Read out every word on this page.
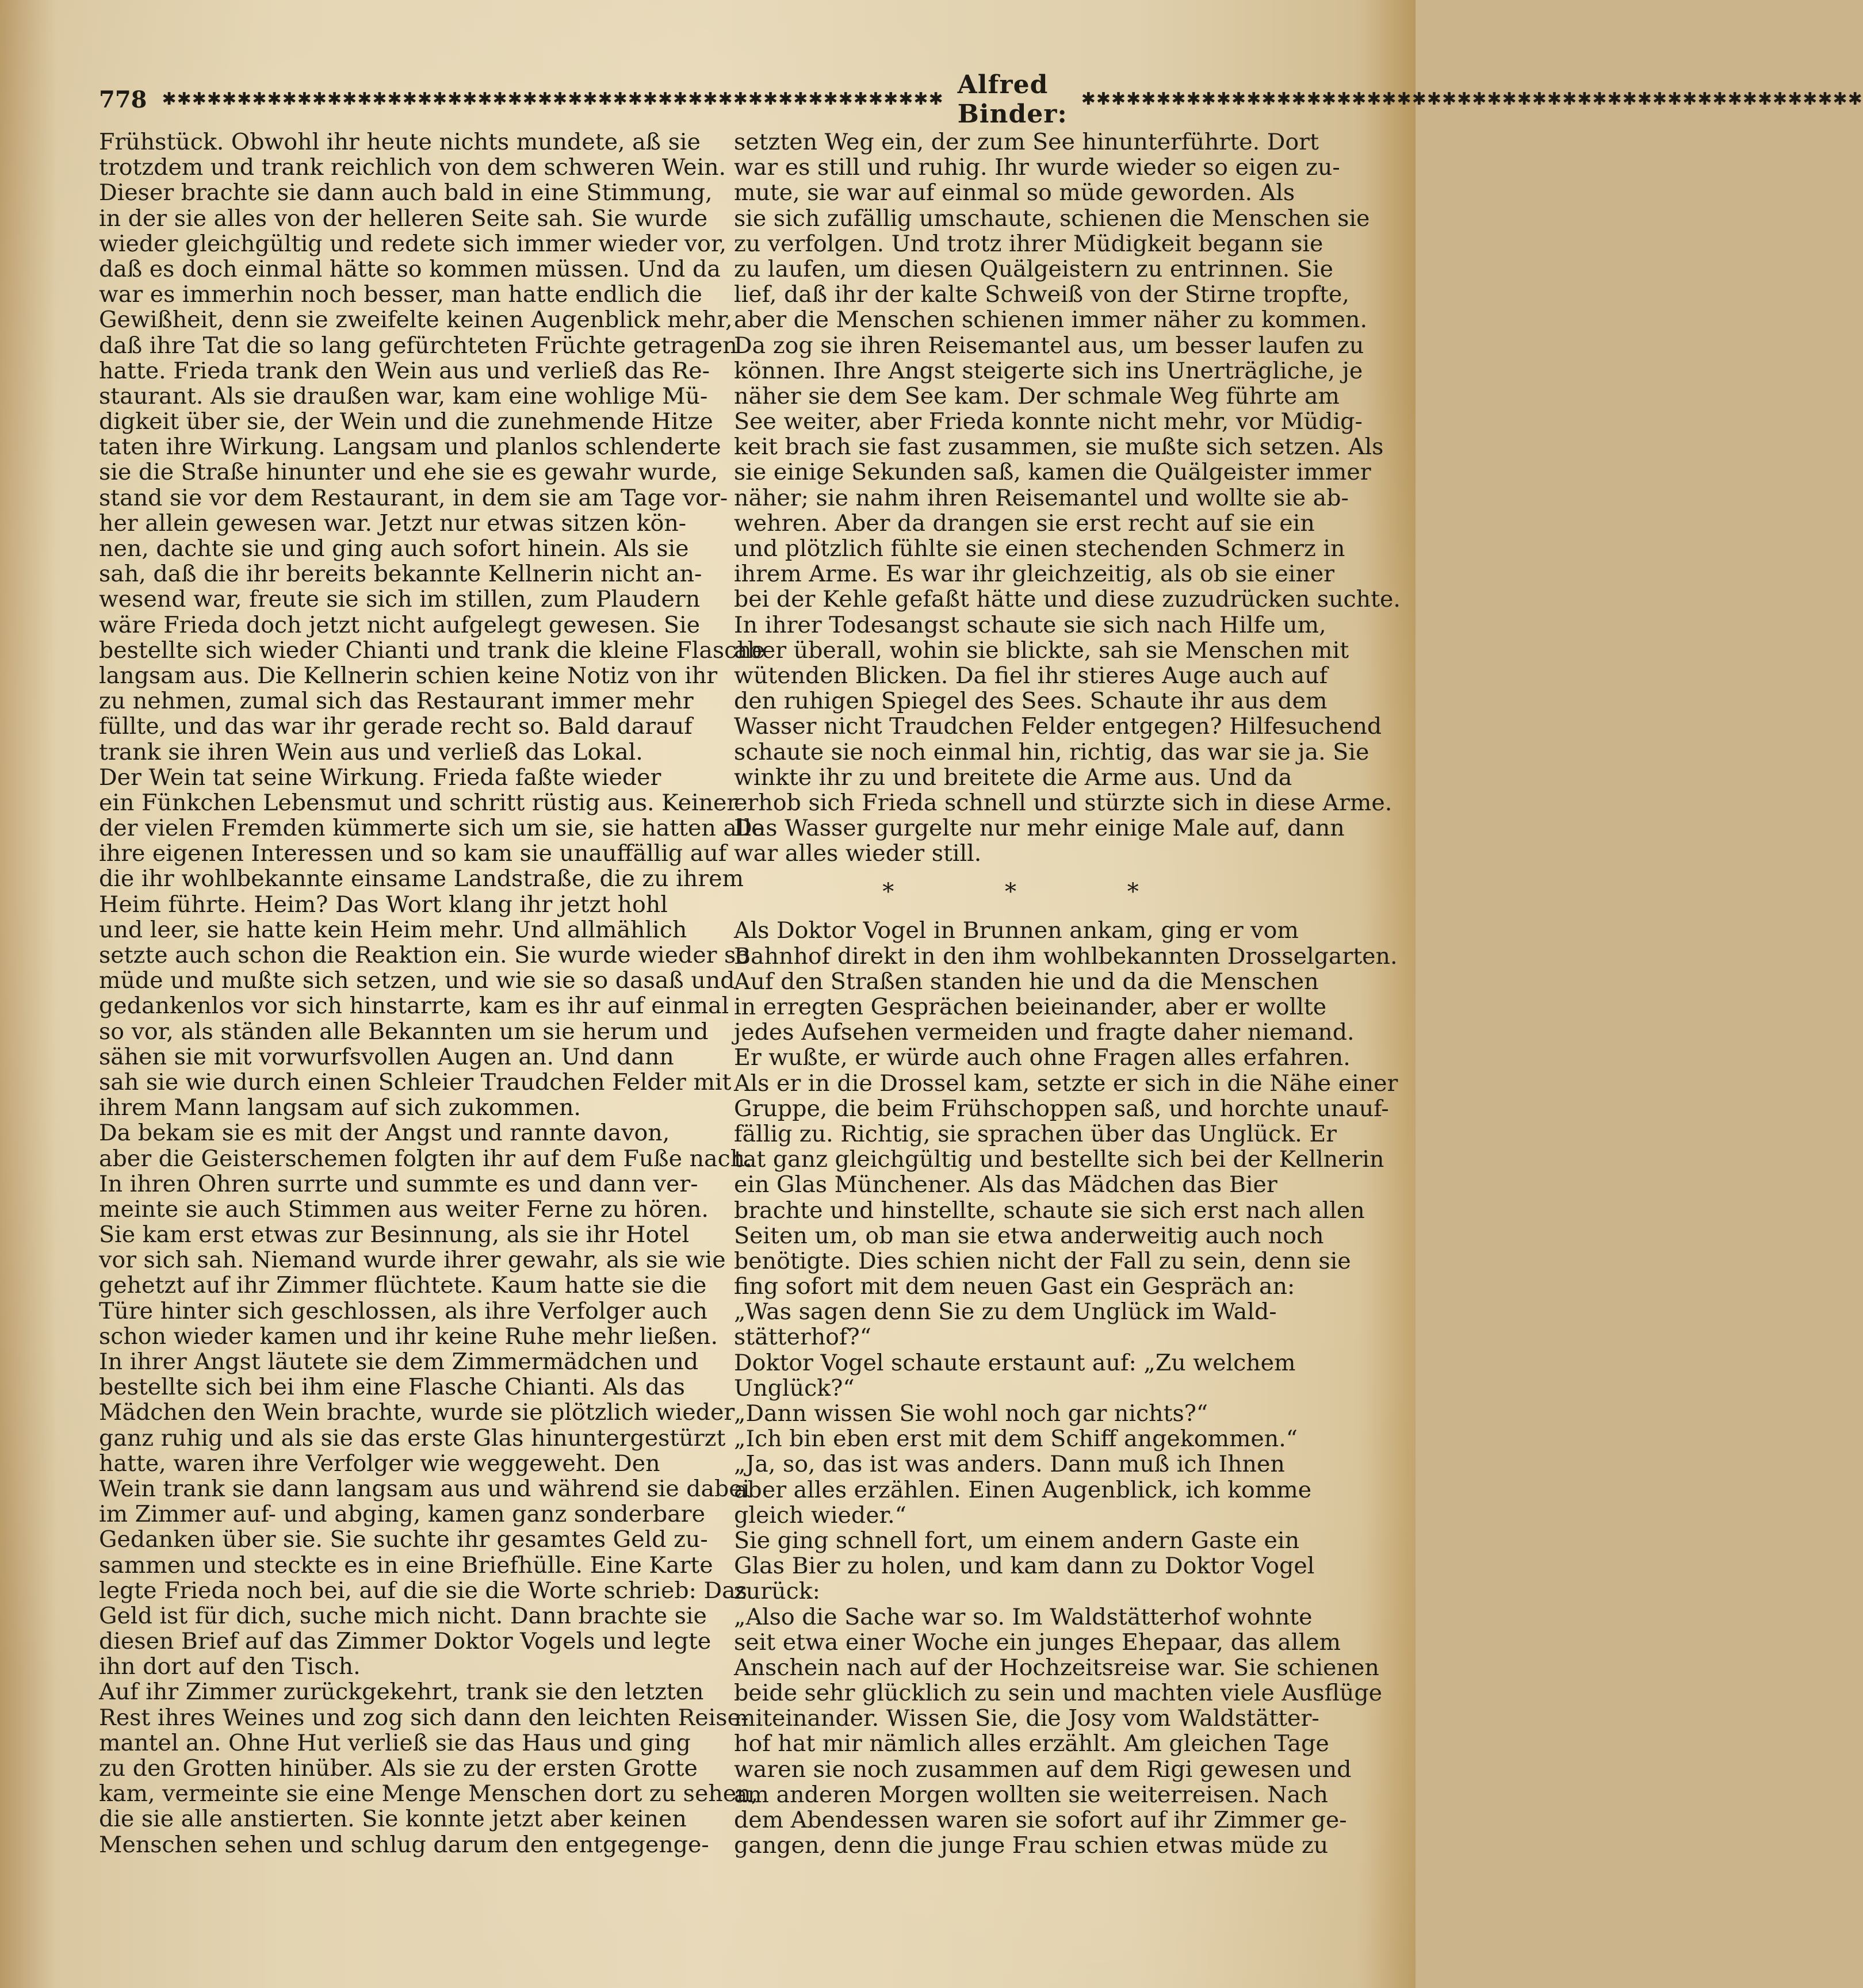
778 ✱✱✱✱✱✱✱✱✱✱✱✱✱✱✱✱✱✱✱✱✱✱✱✱✱✱✱✱✱✱✱✱✱✱✱✱✱✱✱✱✱✱✱✱✱✱✱✱✱✱✱✱ Alfred Binder:
✱✱✱✱✱✱✱✱✱✱✱✱✱✱✱✱✱✱✱✱✱✱✱✱✱✱✱✱✱✱✱✱✱✱✱✱✱✱✱✱✱✱✱✱✱✱✱✱✱✱✱✱
Frühstück. Obwohl ihr heute nichts mundete, aß sie
trotzdem und trank reichlich von dem schweren Wein.
Dieser brachte sie dann auch bald in eine Stimmung,
in der sie alles von der helleren Seite sah. Sie wurde
wieder gleichgültig und redete sich immer wieder vor,
daß es doch einmal hätte so kommen müssen. Und da
war es immerhin noch besser, man hatte endlich die
Gewißheit, denn sie zweifelte keinen Augenblick mehr,
daß ihre Tat die so lang gefürchteten Früchte getragen
hatte. Frieda trank den Wein aus und verließ das Re-
staurant. Als sie draußen war, kam eine wohlige Mü-
digkeit über sie, der Wein und die zunehmende Hitze
taten ihre Wirkung. Langsam und planlos schlenderte
sie die Straße hinunter und ehe sie es gewahr wurde,
stand sie vor dem Restaurant, in dem sie am Tage vor-
her allein gewesen war. Jetzt nur etwas sitzen kön-
nen, dachte sie und ging auch sofort hinein. Als sie
sah, daß die ihr bereits bekannte Kellnerin nicht an-
wesend war, freute sie sich im stillen, zum Plaudern
wäre Frieda doch jetzt nicht aufgelegt gewesen. Sie
bestellte sich wieder Chianti und trank die kleine Flasche
langsam aus. Die Kellnerin schien keine Notiz von ihr
zu nehmen, zumal sich das Restaurant immer mehr
füllte, und das war ihr gerade recht so. Bald darauf
trank sie ihren Wein aus und verließ das Lokal.
Der Wein tat seine Wirkung. Frieda faßte wieder
ein Fünkchen Lebensmut und schritt rüstig aus. Keiner
der vielen Fremden kümmerte sich um sie, sie hatten alle
ihre eigenen Interessen und so kam sie unauffällig auf
die ihr wohlbekannte einsame Landstraße, die zu ihrem
Heim führte. Heim? Das Wort klang ihr jetzt hohl
und leer, sie hatte kein Heim mehr. Und allmählich
setzte auch schon die Reaktion ein. Sie wurde wieder so
müde und mußte sich setzen, und wie sie so dasaß und
gedankenlos vor sich hinstarrte, kam es ihr auf einmal
so vor, als ständen alle Bekannten um sie herum und
sähen sie mit vorwurfsvollen Augen an. Und dann
sah sie wie durch einen Schleier Traudchen Felder mit
ihrem Mann langsam auf sich zukommen.
Da bekam sie es mit der Angst und rannte davon,
aber die Geisterschemen folgten ihr auf dem Fuße nach.
In ihren Ohren surrte und summte es und dann ver-
meinte sie auch Stimmen aus weiter Ferne zu hören.
Sie kam erst etwas zur Besinnung, als sie ihr Hotel
vor sich sah. Niemand wurde ihrer gewahr, als sie wie
gehetzt auf ihr Zimmer flüchtete. Kaum hatte sie die
Türe hinter sich geschlossen, als ihre Verfolger auch
schon wieder kamen und ihr keine Ruhe mehr ließen.
In ihrer Angst läutete sie dem Zimmermädchen und
bestellte sich bei ihm eine Flasche Chianti. Als das
Mädchen den Wein brachte, wurde sie plötzlich wieder
ganz ruhig und als sie das erste Glas hinuntergestürzt
hatte, waren ihre Verfolger wie weggeweht. Den
Wein trank sie dann langsam aus und während sie dabei
im Zimmer auf- und abging, kamen ganz sonderbare
Gedanken über sie. Sie suchte ihr gesamtes Geld zu-
sammen und steckte es in eine Briefhülle. Eine Karte
legte Frieda noch bei, auf die sie die Worte schrieb: Das
Geld ist für dich, suche mich nicht. Dann brachte sie
diesen Brief auf das Zimmer Doktor Vogels und legte
ihn dort auf den Tisch.
Auf ihr Zimmer zurückgekehrt, trank sie den letzten
Rest ihres Weines und zog sich dann den leichten Reise-
mantel an. Ohne Hut verließ sie das Haus und ging
zu den Grotten hinüber. Als sie zu der ersten Grotte
kam, vermeinte sie eine Menge Menschen dort zu sehen,
die sie alle anstierten. Sie konnte jetzt aber keinen
Menschen sehen und schlug darum den entgegenge-
setzten Weg ein, der zum See hinunterführte. Dort
war es still und ruhig. Ihr wurde wieder so eigen zu-
mute, sie war auf einmal so müde geworden. Als
sie sich zufällig umschaute, schienen die Menschen sie
zu verfolgen. Und trotz ihrer Müdigkeit begann sie
zu laufen, um diesen Quälgeistern zu entrinnen. Sie
lief, daß ihr der kalte Schweiß von der Stirne tropfte,
aber die Menschen schienen immer näher zu kommen.
Da zog sie ihren Reisemantel aus, um besser laufen zu
können. Ihre Angst steigerte sich ins Unerträgliche, je
näher sie dem See kam. Der schmale Weg führte am
See weiter, aber Frieda konnte nicht mehr, vor Müdig-
keit brach sie fast zusammen, sie mußte sich setzen. Als
sie einige Sekunden saß, kamen die Quälgeister immer
näher; sie nahm ihren Reisemantel und wollte sie ab-
wehren. Aber da drangen sie erst recht auf sie ein
und plötzlich fühlte sie einen stechenden Schmerz in
ihrem Arme. Es war ihr gleichzeitig, als ob sie einer
bei der Kehle gefaßt hätte und diese zuzudrücken suchte.
In ihrer Todesangst schaute sie sich nach Hilfe um,
aber überall, wohin sie blickte, sah sie Menschen mit
wütenden Blicken. Da fiel ihr stieres Auge auch auf
den ruhigen Spiegel des Sees. Schaute ihr aus dem
Wasser nicht Traudchen Felder entgegen? Hilfesuchend
schaute sie noch einmal hin, richtig, das war sie ja. Sie
winkte ihr zu und breitete die Arme aus. Und da
erhob sich Frieda schnell und stürzte sich in diese Arme.
Das Wasser gurgelte nur mehr einige Male auf, dann
war alles wieder still.
* * *
Als Doktor Vogel in Brunnen ankam, ging er vom
Bahnhof direkt in den ihm wohlbekannten Drosselgarten.
Auf den Straßen standen hie und da die Menschen
in erregten Gesprächen beieinander, aber er wollte
jedes Aufsehen vermeiden und fragte daher niemand.
Er wußte, er würde auch ohne Fragen alles erfahren.
Als er in die Drossel kam, setzte er sich in die Nähe einer
Gruppe, die beim Frühschoppen saß, und horchte unauf-
fällig zu. Richtig, sie sprachen über das Unglück. Er
tat ganz gleichgültig und bestellte sich bei der Kellnerin
ein Glas Münchener. Als das Mädchen das Bier
brachte und hinstellte, schaute sie sich erst nach allen
Seiten um, ob man sie etwa anderweitig auch noch
benötigte. Dies schien nicht der Fall zu sein, denn sie
fing sofort mit dem neuen Gast ein Gespräch an:
„Was sagen denn Sie zu dem Unglück im Wald-
stätterhof?“
Doktor Vogel schaute erstaunt auf: „Zu welchem
Unglück?“
„Dann wissen Sie wohl noch gar nichts?“
„Ich bin eben erst mit dem Schiff angekommen.“
„Ja, so, das ist was anders. Dann muß ich Ihnen
aber alles erzählen. Einen Augenblick, ich komme
gleich wieder.“
Sie ging schnell fort, um einem andern Gaste ein
Glas Bier zu holen, und kam dann zu Doktor Vogel
zurück:
„Also die Sache war so. Im Waldstätterhof wohnte
seit etwa einer Woche ein junges Ehepaar, das allem
Anschein nach auf der Hochzeitsreise war. Sie schienen
beide sehr glücklich zu sein und machten viele Ausflüge
miteinander. Wissen Sie, die Josy vom Waldstätter-
hof hat mir nämlich alles erzählt. Am gleichen Tage
waren sie noch zusammen auf dem Rigi gewesen und
am anderen Morgen wollten sie weiterreisen. Nach
dem Abendessen waren sie sofort auf ihr Zimmer ge-
gangen, denn die junge Frau schien etwas müde zu
